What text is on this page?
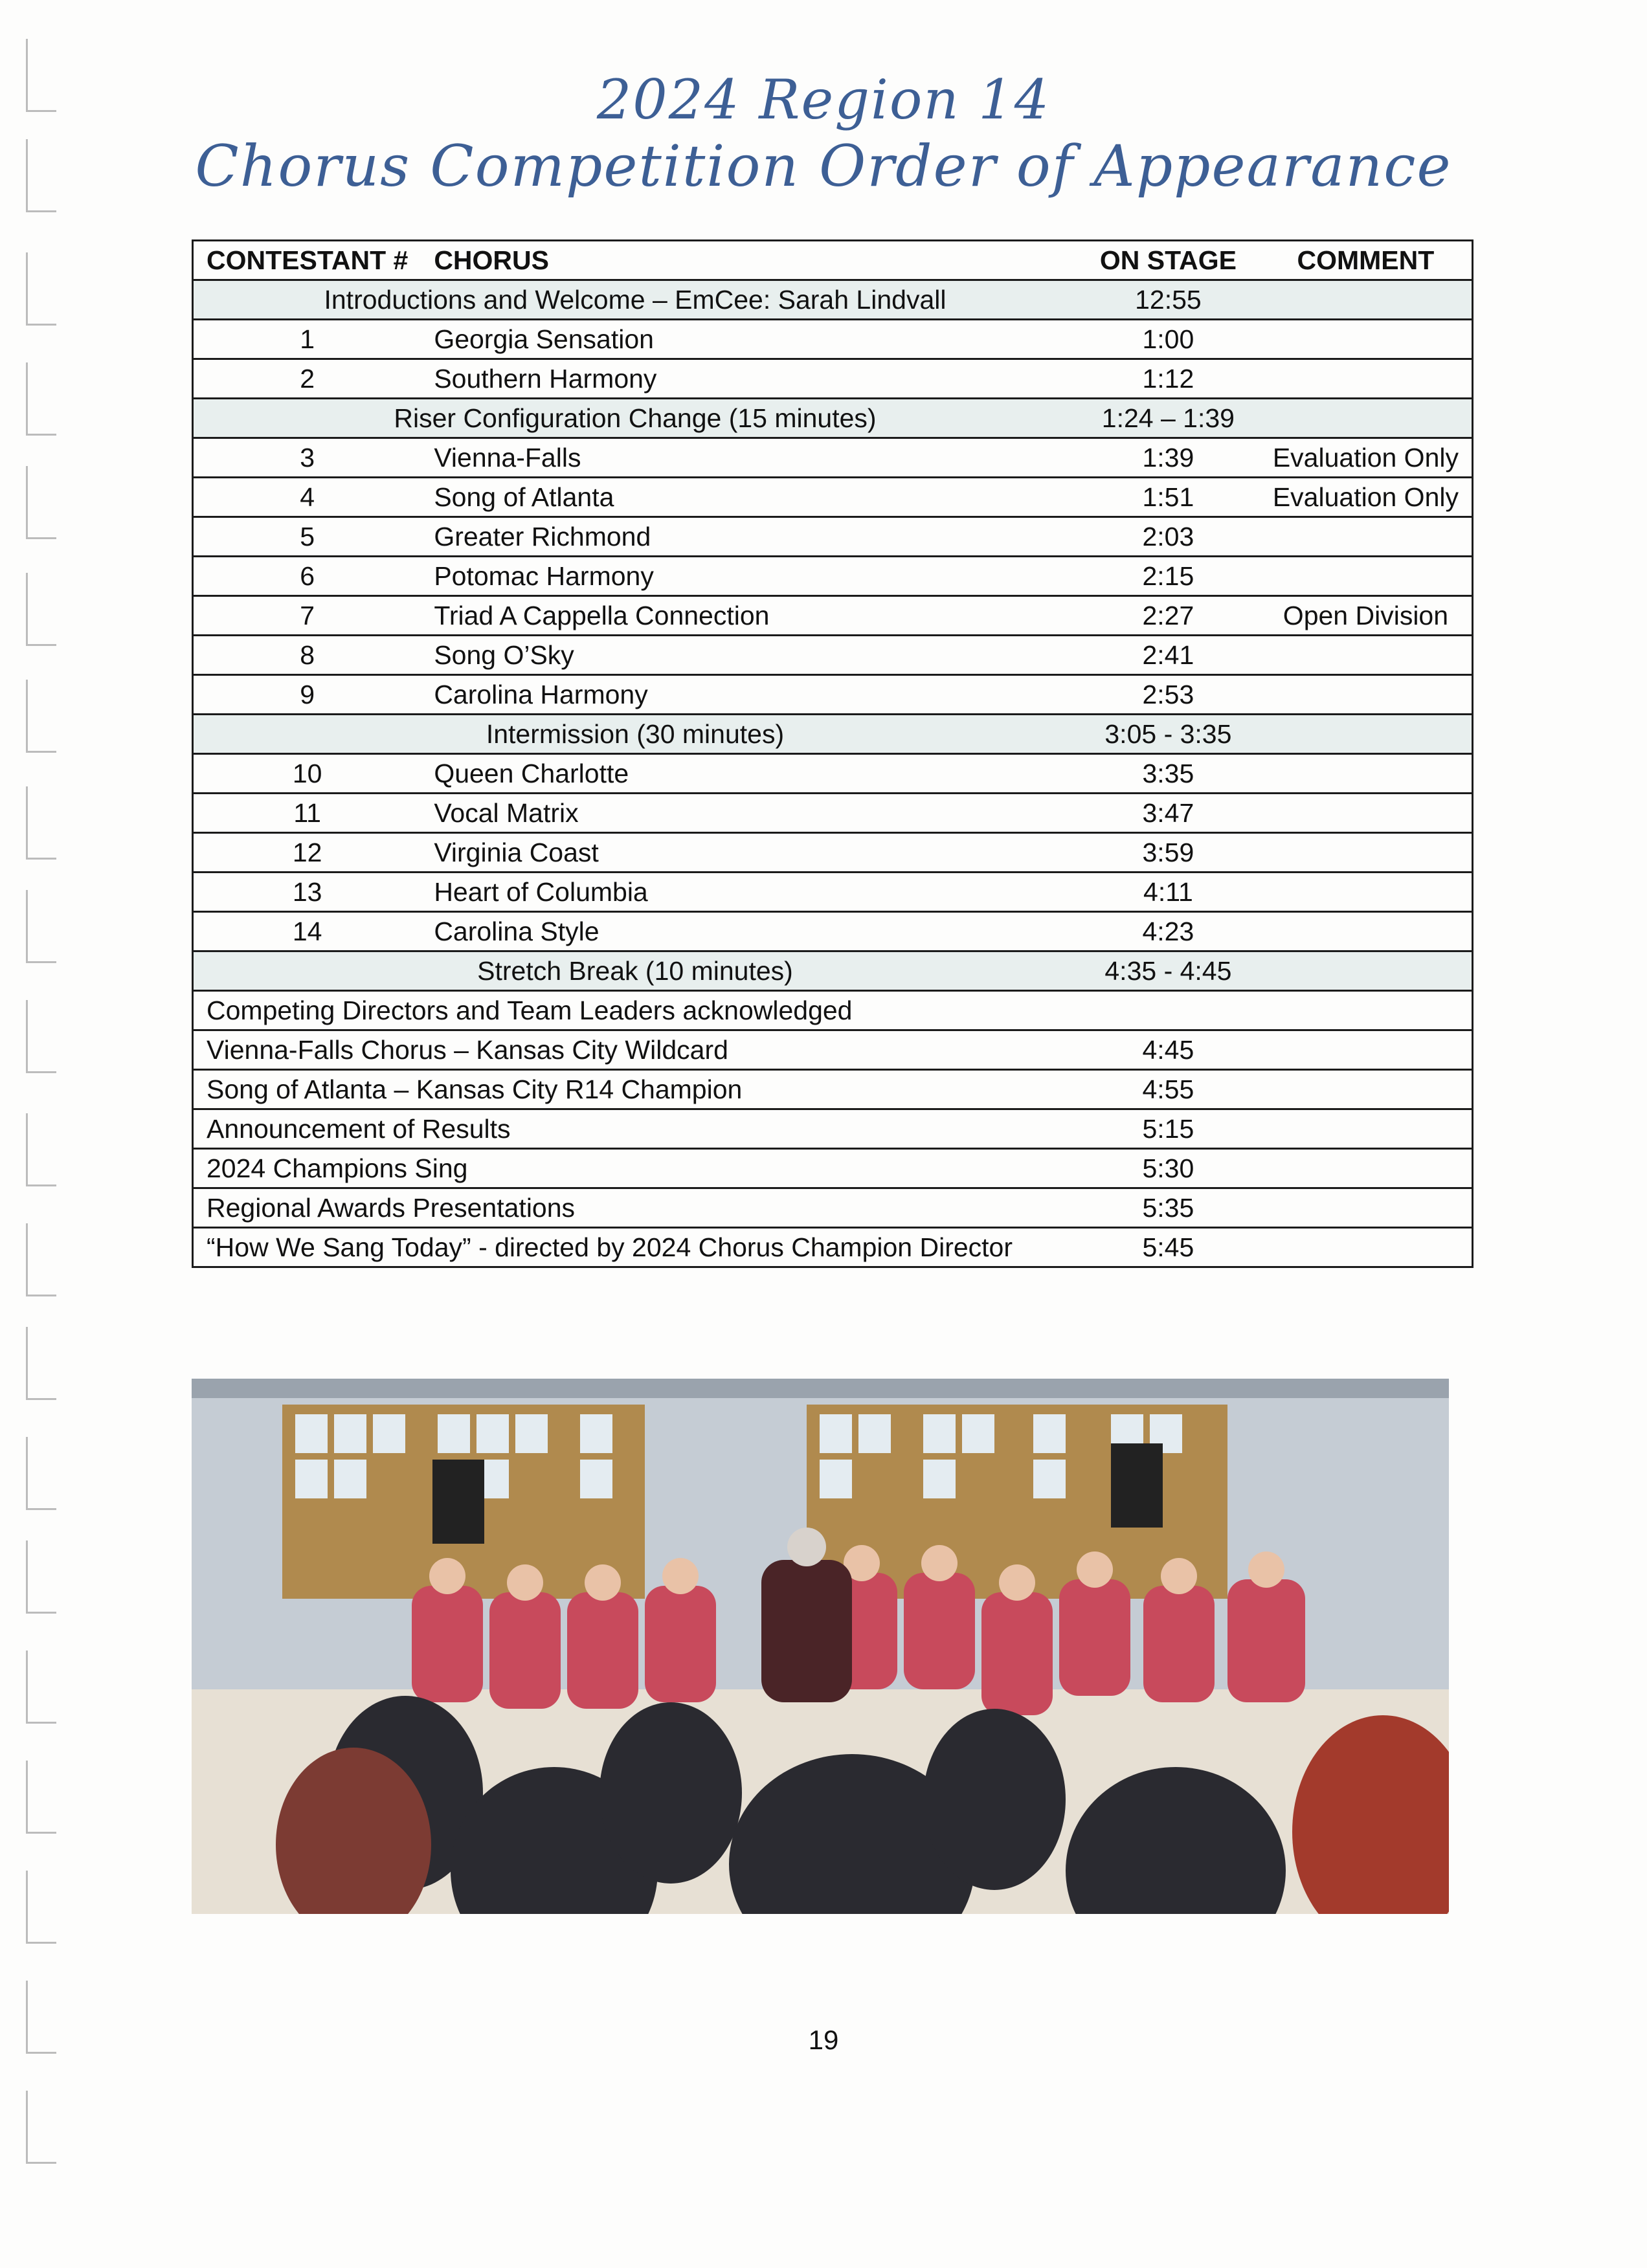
2024 Region 14
Chorus Competition Order of Appearance
CONTESTANT #	CHORUS	ON STAGE	COMMENT
Introductions and Welcome – EmCee: Sarah Lindvall		12:55	
1	Georgia Sensation	1:00	
2	Southern Harmony	1:12	
Riser Configuration Change (15 minutes)		1:24 – 1:39	
3	Vienna-Falls	1:39	Evaluation Only
4	Song of Atlanta	1:51	Evaluation Only
5	Greater Richmond	2:03	
6	Potomac Harmony	2:15	
7	Triad A Cappella Connection	2:27	Open Division
8	Song O’Sky	2:41	
9	Carolina Harmony	2:53	
Intermission (30 minutes)		3:05 - 3:35	
10	Queen Charlotte	3:35	
11	Vocal Matrix	3:47	
12	Virginia Coast	3:59	
13	Heart of Columbia	4:11	
14	Carolina Style	4:23	
Stretch Break (10 minutes)		4:35 - 4:45	
Competing Directors and Team Leaders acknowledged			
Vienna-Falls Chorus – Kansas City Wildcard		4:45	
Song of Atlanta – Kansas City R14 Champion		4:55	
Announcement of Results		5:15	
2024 Champions Sing		5:30	
Regional Awards Presentations		5:35	
“How We Sang Today” - directed by 2024 Chorus Champion Director		5:45	
19
